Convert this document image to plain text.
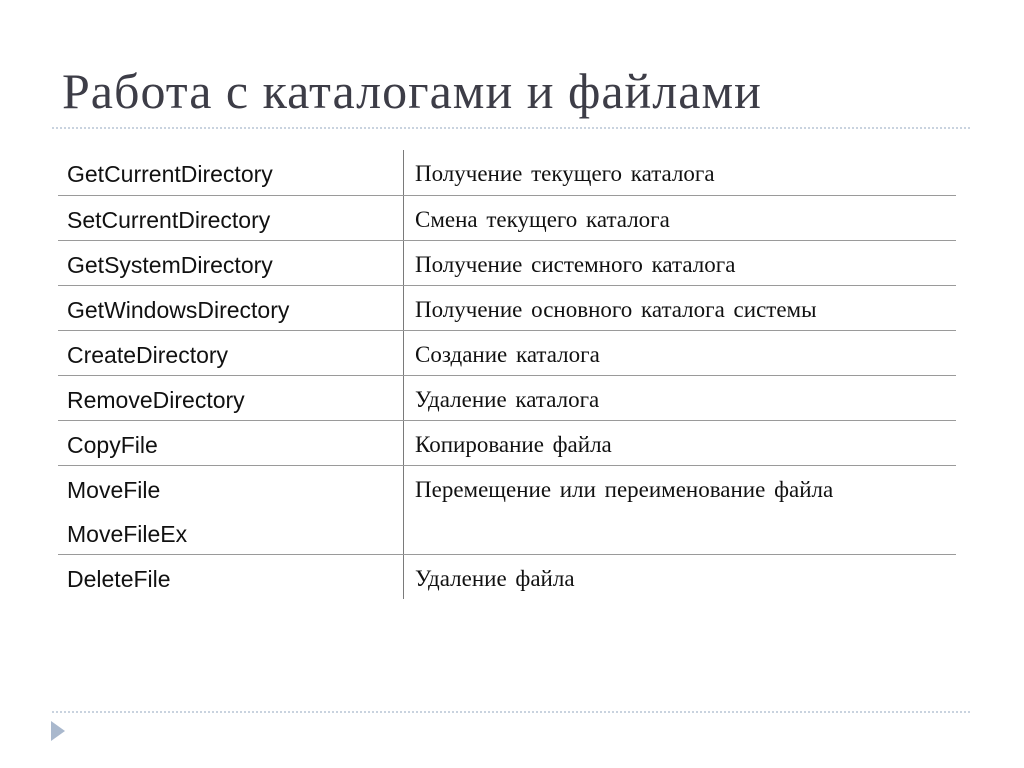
Работа с каталогами и файлами
GetCurrentDirectory	Получение текущего каталога

SetCurrentDirectory	Смена текущего каталога

GetSystemDirectory	Получение системного каталога

GetWindowsDirectory	Получение основного каталога системы

CreateDirectory	Создание каталога

RemoveDirectory	Удаление каталога

CopyFile	Копирование файла

MoveFile
MoveFileEx	Перемещение или переименование файла

DeleteFile	Удаление файла
